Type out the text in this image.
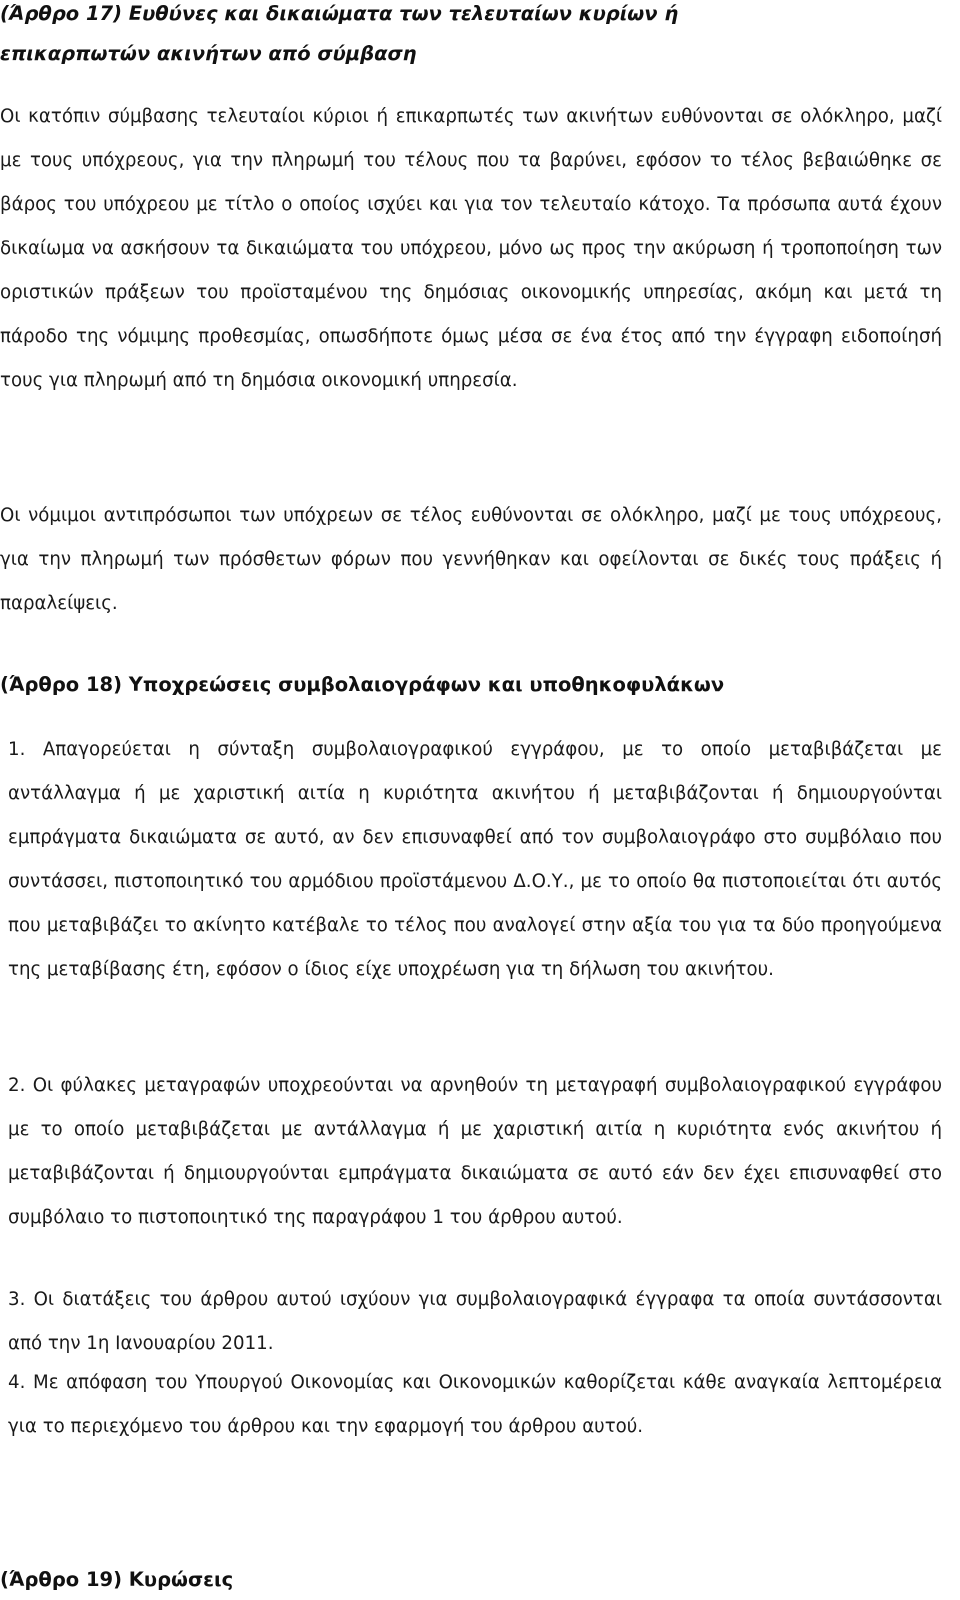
(Άρθρο 17) Ευθύνες και δικαιώματα των τελευταίων κυρίων ή επικαρπωτών ακινήτων από σύμβαση

Οι κατόπιν σύμβασης τελευταίοι κύριοι ή επικαρπωτές των ακινήτων ευθύνονται σε ολόκληρο, μαζί με τους υπόχρεους, για την πληρωμή του τέλους που τα βαρύνει, εφόσον το τέλος βεβαιώθηκε σε βάρος του υπόχρεου με τίτλο ο οποίος ισχύει και για τον τελευταίο κάτοχο. Τα πρόσωπα αυτά έχουν δικαίωμα να ασκήσουν τα δικαιώματα του υπόχρεου, μόνο ως προς την ακύρωση ή τροποποίηση των οριστικών πράξεων του προϊσταμένου της δημόσιας οικονομικής υπηρεσίας, ακόμη και μετά τη πάροδο της νόμιμης προθεσμίας, οπωσδήποτε όμως μέσα σε ένα έτος από την έγγραφη ειδοποίησή τους για πληρωμή από τη δημόσια οικονομική υπηρεσία.

Οι νόμιμοι αντιπρόσωποι των υπόχρεων σε τέλος ευθύνονται σε ολόκληρο, μαζί με τους υπόχρεους, για την πληρωμή των πρόσθετων φόρων που γεννήθηκαν και οφείλονται σε δικές τους πράξεις ή παραλείψεις.

(Άρθρο 18) Υποχρεώσεις συμβολαιογράφων και υποθηκοφυλάκων

1. Απαγορεύεται η σύνταξη συμβολαιογραφικού εγγράφου, με το οποίο μεταβιβάζεται με αντάλλαγμα ή με χαριστική αιτία η κυριότητα ακινήτου ή μεταβιβάζονται ή δημιουργούνται εμπράγματα δικαιώματα σε αυτό, αν δεν επισυναφθεί από τον συμβολαιογράφο στο συμβόλαιο που συντάσσει, πιστοποιητικό του αρμόδιου προϊστάμενου Δ.Ο.Υ., με το οποίο θα πιστοποιείται ότι αυτός που μεταβιβάζει το ακίνητο κατέβαλε το τέλος που αναλογεί στην αξία του για τα δύο προηγούμενα της μεταβίβασης έτη, εφόσον ο ίδιος είχε υποχρέωση για τη δήλωση του ακινήτου.

2. Οι φύλακες μεταγραφών υποχρεούνται να αρνηθούν τη μεταγραφή συμβολαιογραφικού εγγράφου με το οποίο μεταβιβάζεται με αντάλλαγμα ή με χαριστική αιτία η κυριότητα ενός ακινήτου ή μεταβιβάζονται ή δημιουργούνται εμπράγματα δικαιώματα σε αυτό εάν δεν έχει επισυναφθεί στο συμβόλαιο το πιστοποιητικό της παραγράφου 1 του άρθρου αυτού.

3. Οι διατάξεις του άρθρου αυτού ισχύουν για συμβολαιογραφικά έγγραφα τα οποία συντάσσονται από την 1η Ιανουαρίου 2011.

4. Με απόφαση του Υπουργού Οικονομίας και Οικονομικών καθορίζεται κάθε αναγκαία λεπτομέρεια για το περιεχόμενο του άρθρου και την εφαρμογή του άρθρου αυτού.

(Άρθρο 19) Κυρώσεις
